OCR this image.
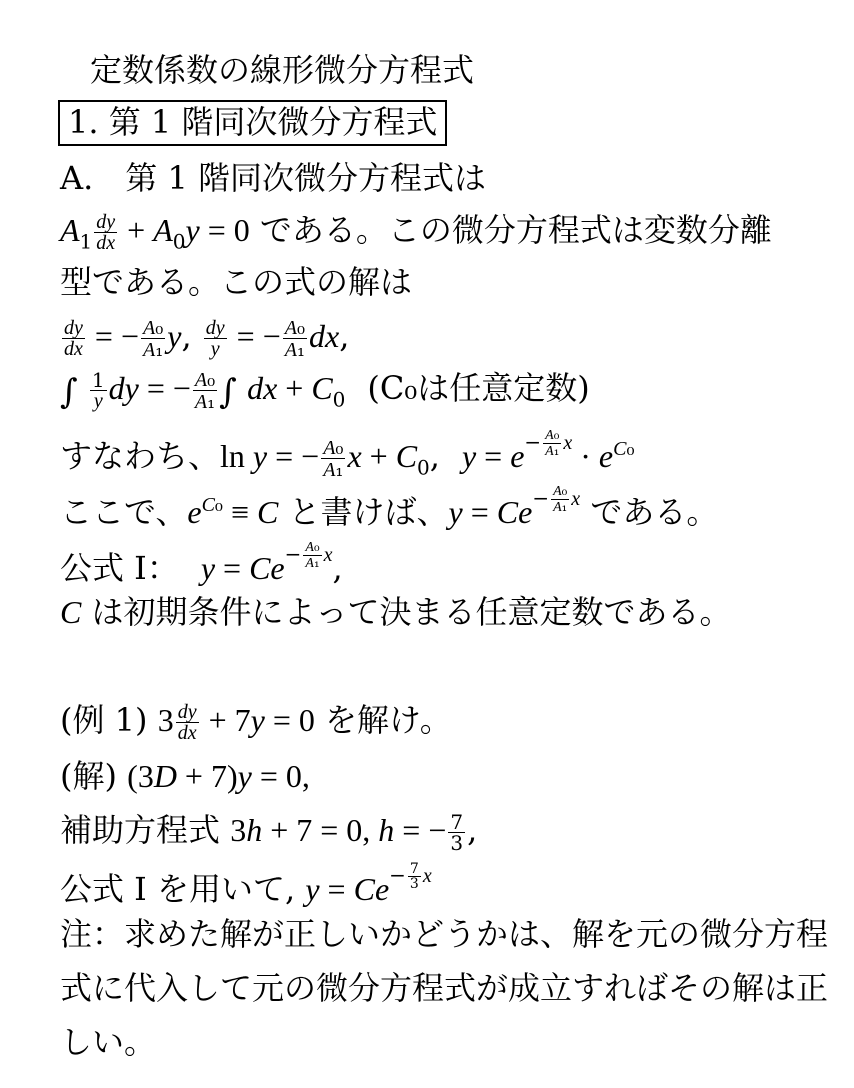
定数係数の線形微分方程式
1. 第 1 階同次微分方程式
A.　第 1 階同次微分方程式は
$A_1 \frac{dy}{dx} + A_0y = 0$ である。この微分方程式は変数分離
型である。この式の解は
$\frac{dy}{dx}$ = − $\frac{\text{A₀}}{\text{A₁}} y$, $\frac{dy}{y}$ = − $\frac{\text{A₀}}{\text{A₁}}$ dx,
∫ $\frac{1}{y}$ dy = − $\frac{\text{A₀}}{\text{A₁}}$ ∫ dx + $C_0$ (C₀は任意定数)
すなわち、ln y = − $\frac{\text{A₀}}{\text{A₁}}$ $x + C_0$, $y = e- \frac{\text{A₀}}{\text{A₁}}$ $x \cdot e^{C_0}$
ここで、$e^{C_0} \equiv C$ と書けば、$y = Ce- \frac{\text{A₀}}{\text{A₁}}$ x である。
公式 I： $y = Ce- \frac{\text{A₀}}{\text{A₁}} x$,
C は初期条件によって決まる任意定数である。
(例 1) $3 \frac{dy}{dx} + 7y = 0$ を解け。
(解) (3D + 7)y = 0,
補助方程式 3h + 7 = 0, h = − $\frac{7}{3}$ ,
公式 I を用いて, $y = Ce- \frac{7}{3}$ x
注：求めた解が正しいかどうかは、解を元の微分方程
式に代入して元の微分方程式が成立すればその解は正
しい。
